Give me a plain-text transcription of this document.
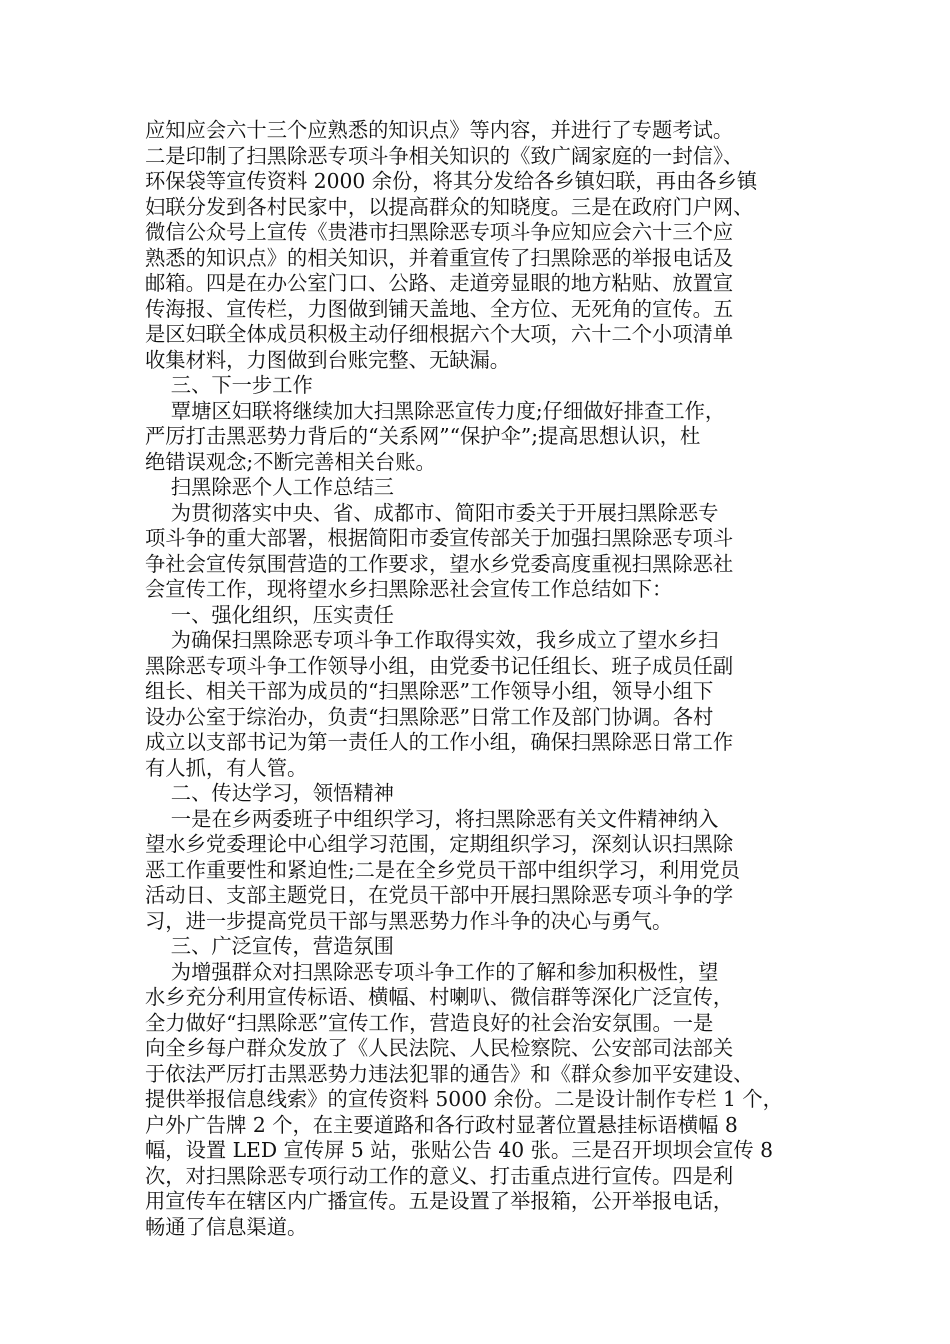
应知应会六十三个应熟悉的知识点》等内容，并进行了专题考试。
二是印制了扫黑除恶专项斗争相关知识的《致广阔家庭的一封信》、
环保袋等宣传资料 2000 余份，将其分发给各乡镇妇联，再由各乡镇
妇联分发到各村民家中，以提高群众的知晓度。三是在政府门户网、
微信公众号上宣传《贵港市扫黑除恶专项斗争应知应会六十三个应
熟悉的知识点》的相关知识，并着重宣传了扫黑除恶的举报电话及
邮箱。四是在办公室门口、公路、走道旁显眼的地方粘贴、放置宣
传海报、宣传栏，力图做到铺天盖地、全方位、无死角的宣传。五
是区妇联全体成员积极主动仔细根据六个大项，六十二个小项清单
收集材料，力图做到台账完整、无缺漏。
三、下一步工作
覃塘区妇联将继续加大扫黑除恶宣传力度;仔细做好排查工作，
严厉打击黑恶势力背后的“关系网”“保护伞”;提高思想认识，杜
绝错误观念;不断完善相关台账。
扫黑除恶个人工作总结三
为贯彻落实中央、省、成都市、简阳市委关于开展扫黑除恶专
项斗争的重大部署，根据简阳市委宣传部关于加强扫黑除恶专项斗
争社会宣传氛围营造的工作要求，望水乡党委高度重视扫黑除恶社
会宣传工作，现将望水乡扫黑除恶社会宣传工作总结如下：
一、强化组织，压实责任
为确保扫黑除恶专项斗争工作取得实效，我乡成立了望水乡扫
黑除恶专项斗争工作领导小组，由党委书记任组长、班子成员任副
组长、相关干部为成员的“扫黑除恶”工作领导小组，领导小组下
设办公室于综治办，负责“扫黑除恶”日常工作及部门协调。各村
成立以支部书记为第一责任人的工作小组，确保扫黑除恶日常工作
有人抓，有人管。
二、传达学习，领悟精神
一是在乡两委班子中组织学习，将扫黑除恶有关文件精神纳入
望水乡党委理论中心组学习范围，定期组织学习，深刻认识扫黑除
恶工作重要性和紧迫性;二是在全乡党员干部中组织学习，利用党员
活动日、支部主题党日，在党员干部中开展扫黑除恶专项斗争的学
习，进一步提高党员干部与黑恶势力作斗争的决心与勇气。
三、广泛宣传，营造氛围
为增强群众对扫黑除恶专项斗争工作的了解和参加积极性，望
水乡充分利用宣传标语、横幅、村喇叭、微信群等深化广泛宣传，
全力做好“扫黑除恶”宣传工作，营造良好的社会治安氛围。一是
向全乡每户群众发放了《人民法院、人民检察院、公安部司法部关
于依法严厉打击黑恶势力违法犯罪的通告》和《群众参加平安建设、
提供举报信息线索》的宣传资料 5000 余份。二是设计制作专栏 1 个，
户外广告牌 2 个，在主要道路和各行政村显著位置悬挂标语横幅 8
幅，设置 LED 宣传屏 5 站，张贴公告 40 张。三是召开坝坝会宣传 8
次，对扫黑除恶专项行动工作的意义、打击重点进行宣传。四是利
用宣传车在辖区内广播宣传。五是设置了举报箱，公开举报电话，
畅通了信息渠道。
